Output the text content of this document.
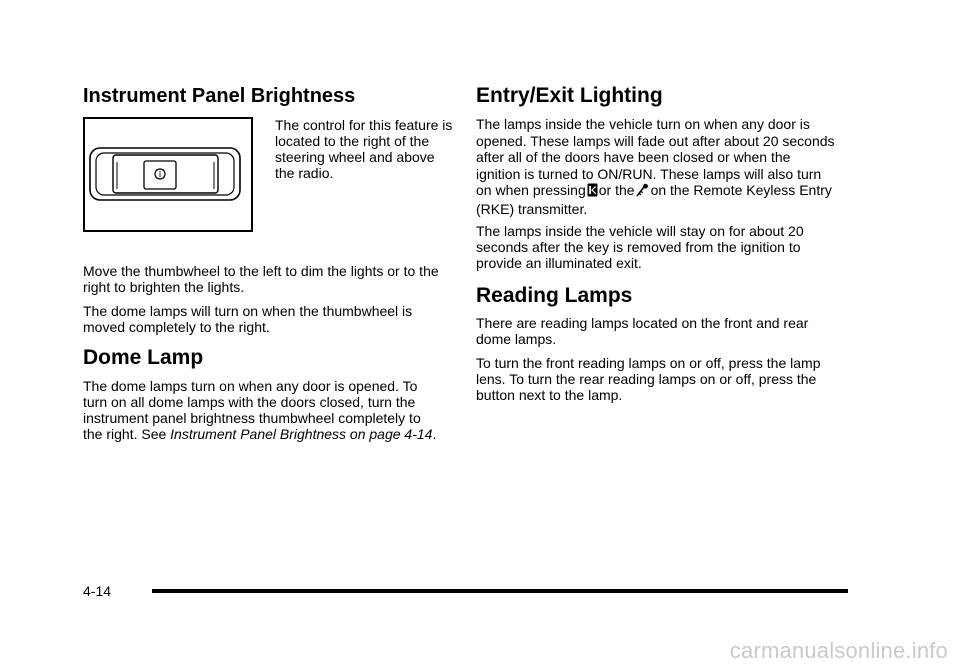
Instrument Panel Brightness

The control for this feature is located to the right of the steering wheel and above the radio.

Move the thumbwheel to the left to dim the lights or to the right to brighten the lights.

The dome lamps will turn on when the thumbwheel is moved completely to the right.

Dome Lamp

The dome lamps turn on when any door is opened. To turn on all dome lamps with the doors closed, turn the instrument panel brightness thumbwheel completely to the right. See Instrument Panel Brightness on page 4-14.

Entry/Exit Lighting

The lamps inside the vehicle turn on when any door is opened. These lamps will fade out after about 20 seconds after all of the doors have been closed or when the ignition is turned to ON/RUN. These lamps will also turn on when pressing or the on the Remote Keyless Entry (RKE) transmitter.

The lamps inside the vehicle will stay on for about 20 seconds after the key is removed from the ignition to provide an illuminated exit.

Reading Lamps

There are reading lamps located on the front and rear dome lamps.

To turn the front reading lamps on or off, press the lamp lens. To turn the rear reading lamps on or off, press the button next to the lamp.

4-14
carmanualsonline.info
